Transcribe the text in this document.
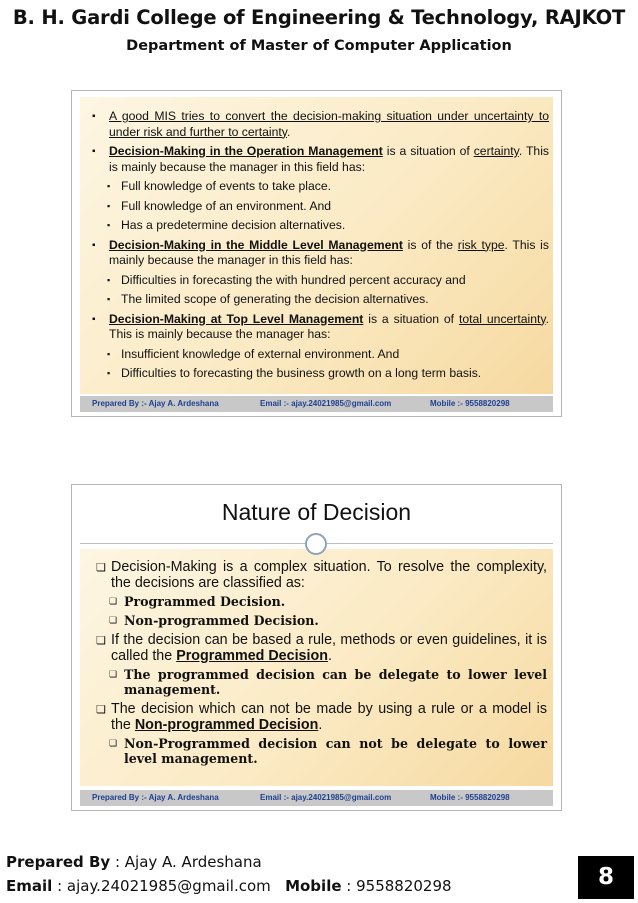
B. H. Gardi College of Engineering & Technology, RAJKOT
Department of Master of Computer Application
▪ A good MIS tries to convert the decision-making situation under uncertainty to under risk and further to certainty.
▪ Decision-Making in the Operation Management is a situation of certainty. This is mainly because the manager in this field has:
▪ Full knowledge of events to take place.
▪ Full knowledge of an environment. And
▪ Has a predetermine decision alternatives.
▪ Decision-Making in the Middle Level Management is of the risk type. This is mainly because the manager in this field has:
▪ Difficulties in forecasting the with hundred percent accuracy and
▪ The limited scope of generating the decision alternatives.
▪ Decision-Making at Top Level Management is a situation of total uncertainty. This is mainly because the manager has:
▪ Insufficient knowledge of external environment. And
▪ Difficulties to forecasting the business growth on a long term basis.
Prepared By :- Ajay A. Ardeshana	Email :- ajay.24021985@gmail.com	Mobile :- 9558820298
Nature of Decision
❏ Decision-Making is a complex situation. To resolve the complexity, the decisions are classified as:
❏ Programmed Decision.
❏ Non-programmed Decision.
❏ If the decision can be based a rule, methods or even guidelines, it is called the Programmed Decision.
❏ The programmed decision can be delegate to lower level management.
❏ The decision which can not be made by using a rule or a model is the Non-programmed Decision.
❏ Non-Programmed decision can not be delegate to lower level management.
Prepared By :- Ajay A. Ardeshana	Email :- ajay.24021985@gmail.com	Mobile :- 9558820298
Prepared By : Ajay A. Ardeshana
Email : ajay.24021985@gmail.com Mobile : 9558820298	8
